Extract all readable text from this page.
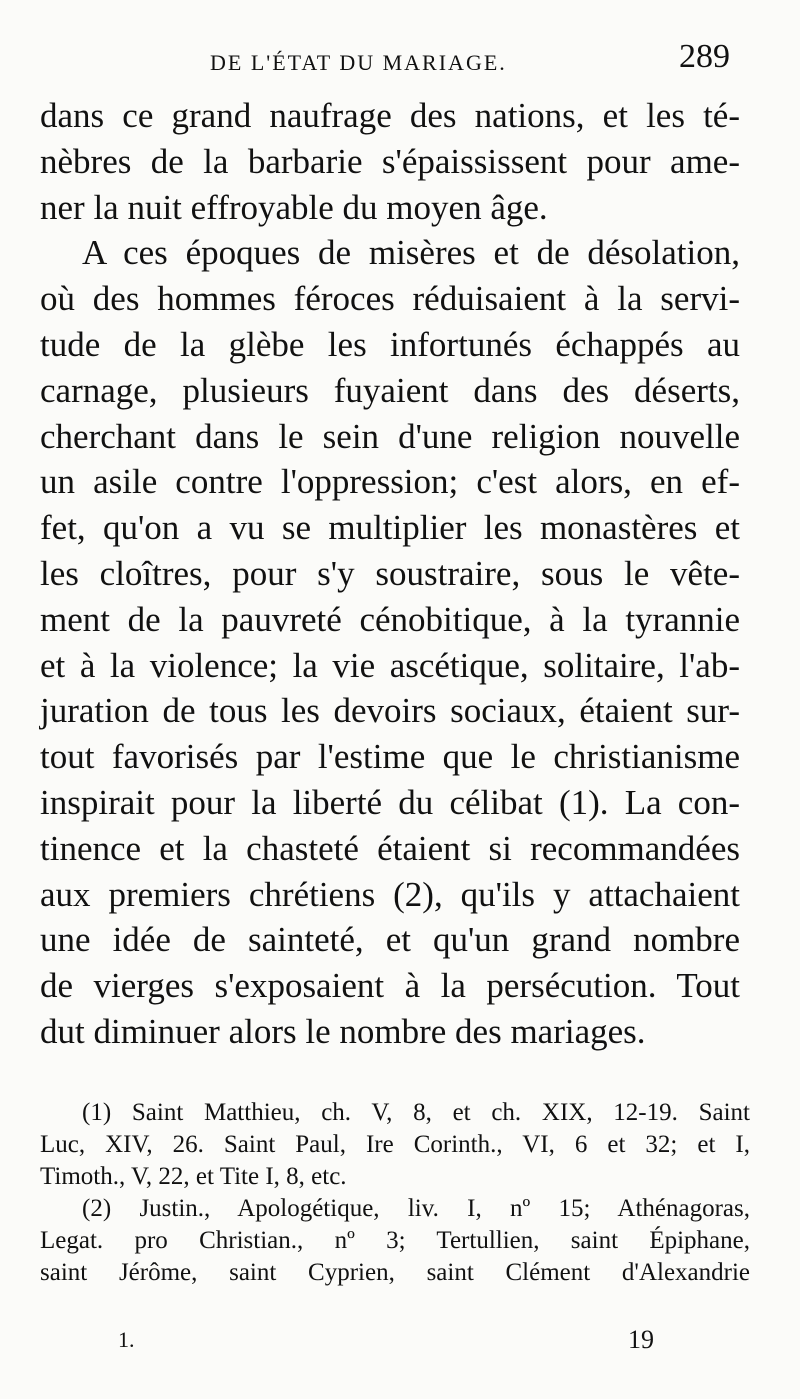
DE L'ÉTAT DU MARIAGE.	289
dans ce grand naufrage des nations, et les té-
nèbres de la barbarie s'épaississent pour ame-
ner la nuit effroyable du moyen âge.
A ces époques de misères et de désolation,
où des hommes féroces réduisaient à la servi-
tude de la glèbe les infortunés échappés au
carnage, plusieurs fuyaient dans des déserts,
cherchant dans le sein d'une religion nouvelle
un asile contre l'oppression; c'est alors, en ef-
fet, qu'on a vu se multiplier les monastères et
les cloîtres, pour s'y soustraire, sous le vête-
ment de la pauvreté cénobitique, à la tyrannie
et à la violence; la vie ascétique, solitaire, l'ab-
juration de tous les devoirs sociaux, étaient sur-
tout favorisés par l'estime que le christianisme
inspirait pour la liberté du célibat (1). La con-
tinence et la chasteté étaient si recommandées
aux premiers chrétiens (2), qu'ils y attachaient
une idée de sainteté, et qu'un grand nombre
de vierges s'exposaient à la persécution. Tout
dut diminuer alors le nombre des mariages.
(1) Saint Matthieu, ch. V, 8, et ch. XIX, 12-19. Saint
Luc, XIV, 26. Saint Paul, Ire Corinth., VI, 6 et 32; et I,
Timoth., V, 22, et Tite I, 8, etc.
(2) Justin., Apologétique, liv. I, nº 15; Athénagoras,
Legat. pro Christian., nº 3; Tertullien, saint Épiphane,
saint Jérôme, saint Cyprien, saint Clément d'Alexandrie
1.	19
